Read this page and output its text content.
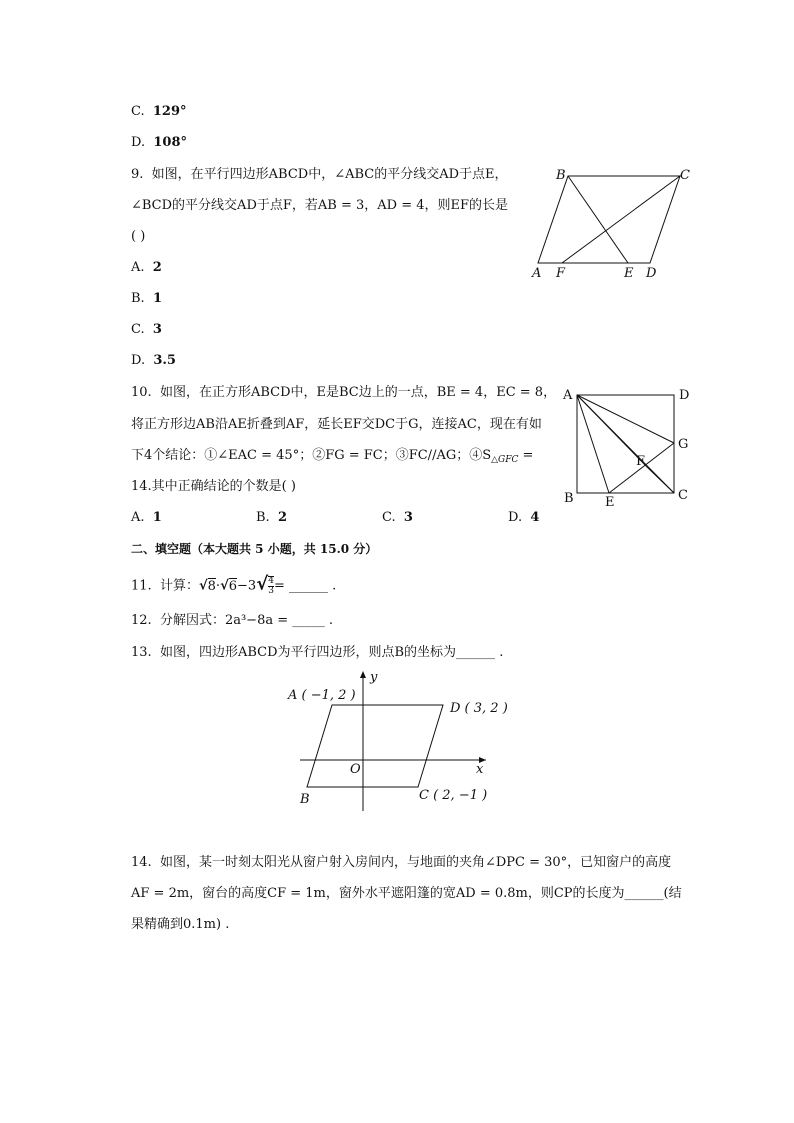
C. 129°
D. 108°
9. 如图，在平行四边形ABCD中，∠ABC的平分线交AD于点E，
∠BCD的平分线交AD于点F，若AB = 3，AD = 4，则EF的长是
( )
A. 2
B. 1
C. 3
D. 3.5
B	C
A F	E D
10. 如图，在正方形ABCD中，E是BC边上的一点，BE = 4，EC = 8，
将正方形边AB沿AE折叠到AF，延长EF交DC于G，连接AC，现在有如
下4个结论：①∠EAC = 45°；②FG = FC；③FC//AG；$④S_{\triangle GFC}$ =
14.其中正确结论的个数是( )
A. 1	B. 2	C. 3	D. 4
A	D
G
F
B E	C
二、填空题（本大题共 5 小题，共 15.0 分）
11. 计算：$√8\cdot√6-3√ \frac{4}{3}$ = ______ .
12. 分解因式：2a³−8a = _____ .
13. 如图，四边形ABCD为平行四边形，则点B的坐标为______ .
y
x
O
A ( −1, 2 )
D ( 3, 2 )
C ( 2, −1 )
B
14. 如图，某一时刻太阳光从窗户射入房间内，与地面的夹角∠DPC = 30°，已知窗户的高度
AF = 2m，窗台的高度CF = 1m，窗外水平遮阳篷的宽AD = 0.8m，则CP的长度为______(结
果精确到0.1m) .
